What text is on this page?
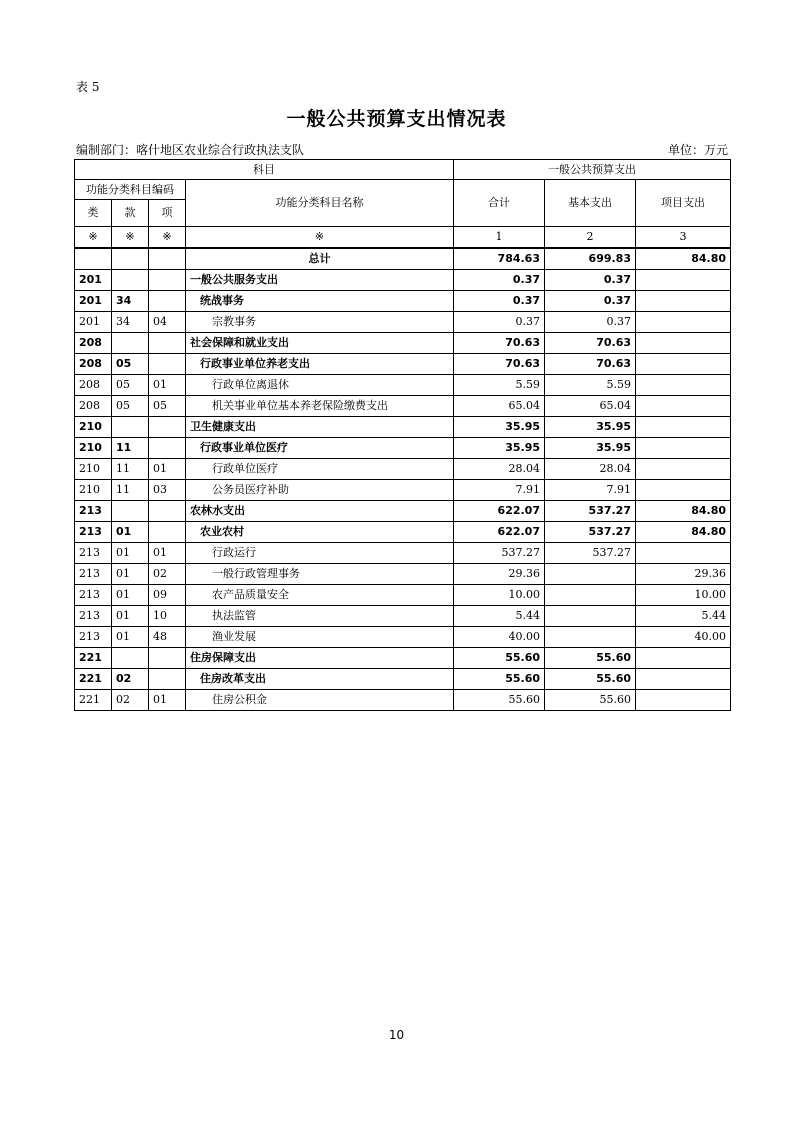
表 5
一般公共预算支出情况表
编制部门：喀什地区农业综合行政执法支队	单位：万元
科目				一般公共预算支出		
功能分类科目编码			功能分类科目名称	合计	基本支出	项目支出
类	款	项				
※	※	※	※	1	2	3
			总计	784.63	699.83	84.80
201			一般公共服务支出	0.37	0.37	
201	34		统战事务	0.37	0.37	
201	34	04	宗教事务	0.37	0.37	
208			社会保障和就业支出	70.63	70.63	
208	05		行政事业单位养老支出	70.63	70.63	
208	05	01	行政单位离退休	5.59	5.59	
208	05	05	机关事业单位基本养老保险缴费支出	65.04	65.04	
210			卫生健康支出	35.95	35.95	
210	11		行政事业单位医疗	35.95	35.95	
210	11	01	行政单位医疗	28.04	28.04	
210	11	03	公务员医疗补助	7.91	7.91	
213			农林水支出	622.07	537.27	84.80
213	01		农业农村	622.07	537.27	84.80
213	01	01	行政运行	537.27	537.27	
213	01	02	一般行政管理事务	29.36		29.36
213	01	09	农产品质量安全	10.00		10.00
213	01	10	执法监管	5.44		5.44
213	01	48	渔业发展	40.00		40.00
221			住房保障支出	55.60	55.60	
221	02		住房改革支出	55.60	55.60	
221	02	01	住房公积金	55.60	55.60	
10
